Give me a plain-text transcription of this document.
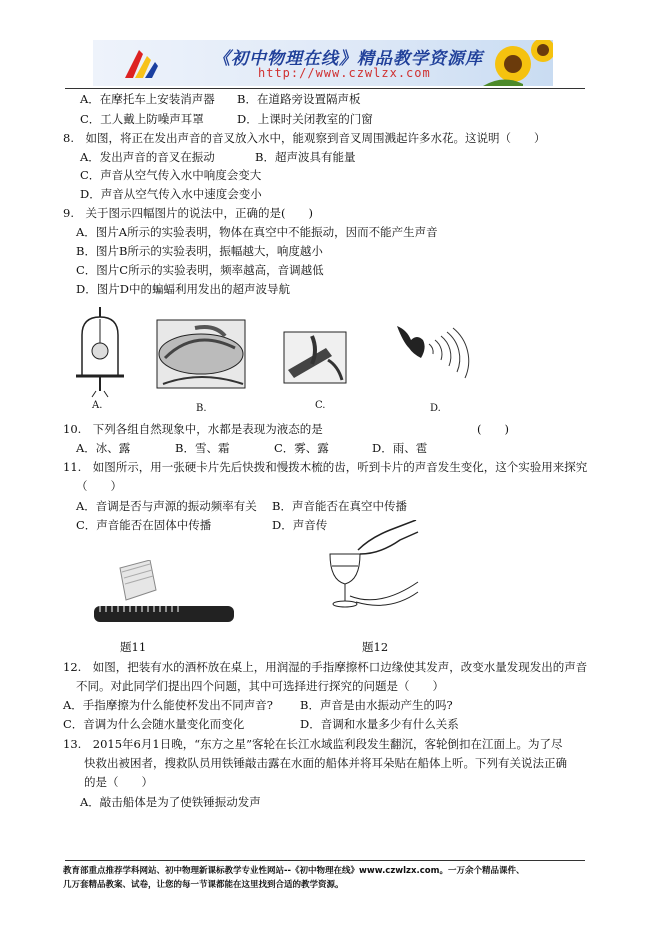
《初中物理在线》精品教学资源库
http://www.czwlzx.com
A．在摩托车上安装消声器 B．在道路旁设置隔声板
C．工人戴上防噪声耳罩	D．上课时关闭教室的门窗
8.　如图，将正在发出声音的音叉放入水中，能观察到音叉周围溅起许多水花。这说明（　　）
A．发出声音的音叉在振动	B．超声波具有能量
C．声音从空气传入水中响度会变大
D．声音从空气传入水中速度会变小
9.　关于图示四幅图片的说法中，正确的是(　　)
A．图片A所示的实验表明，物体在真空中不能振动，因而不能产生声音
B．图片B所示的实验表明，振幅越大，响度越小
C．图片C所示的实验表明，频率越高，音调越低
D．图片D中的蝙蝠利用发出的超声波导航
A.	B.	C.	D.
10.　下列各组自然现象中，水都是表现为液态的是	(　　)
A．冰、露	B．雪、霜	C．雾、露	D．雨、雹
11.　如图所示，用一张硬卡片先后快拨和慢拨木梳的齿，听到卡片的声音发生变化，这个实验用来探究
（　　）
A．音调是否与声源的振动频率有关 B．声音能否在真空中传播
C．声音能否在固体中传播	D．声音传
题11	题12
12.　如图，把装有水的酒杯放在桌上，用润湿的手指摩擦杯口边缘使其发声，改变水量发现发出的声音
不同。对此同学们提出四个问题，其中可选择进行探究的问题是（　　）
A．手指摩擦为什么能使杯发出不同声音? B．声音是由水振动产生的吗?
C．音调为什么会随水量变化而变化	D．音调和水量多少有什么关系
13.　2015年6月1日晚，“东方之星”客轮在长江水域监利段发生翻沉，客轮倒扣在江面上。为了尽
快救出被困者，搜救队员用铁锤敲击露在水面的船体并将耳朵贴在船体上听。下列有关说法正确
的是（　　）
A．敲击船体是为了使铁锤振动发声
教育部重点推荐学科网站、初中物理新课标教学专业性网站--《初中物理在线》www.czwlzx.com。一万余个精品课件、
几万套精品教案、试卷，让您的每一节课都能在这里找到合适的教学资源。
